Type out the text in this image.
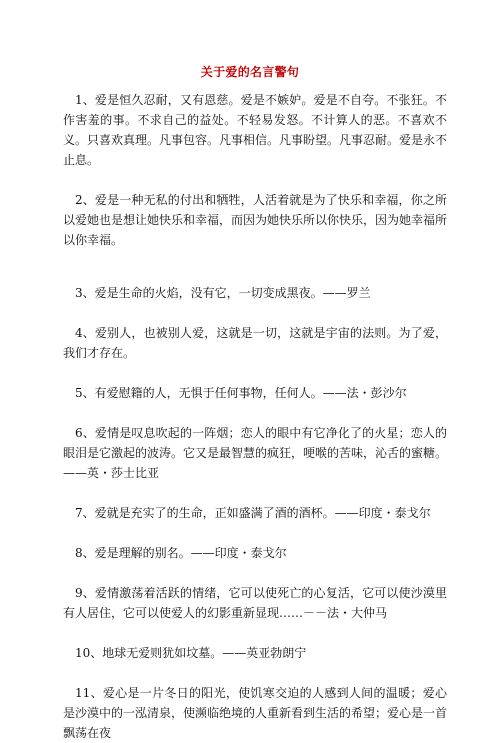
关于爱的名言警句

1、爱是恒久忍耐，又有恩慈。爱是不嫉妒。爱是不自夸。不张狂。不作害羞的事。不求自己的益处。不轻易发怒。不计算人的恶。不喜欢不义。只喜欢真理。凡事包容。凡事相信。凡事盼望。凡事忍耐。爱是永不止息。

2、爱是一种无私的付出和牺牲，人活着就是为了快乐和幸福，你之所以爱她也是想让她快乐和幸福，而因为她快乐所以你快乐，因为她幸福所以你幸福。

3、爱是生命的火焰，没有它，一切变成黑夜。——罗兰

4、爱别人，也被别人爱，这就是一切，这就是宇宙的法则。为了爱，我们才存在。

5、有爱慰籍的人，无惧于任何事物，任何人。——法・彭沙尔

6、爱情是叹息吹起的一阵烟；恋人的眼中有它净化了的火星；恋人的眼泪是它激起的波涛。它又是最智慧的疯狂，哽喉的苦味，沁舌的蜜糖。——英・莎士比亚

7、爱就是充实了的生命，正如盛满了酒的酒杯。——印度・泰戈尔

8、爱是理解的别名。——印度・泰戈尔

9、爱情激荡着活跃的情绪，它可以使死亡的心复活，它可以使沙漠里有人居住，它可以使爱人的幻影重新显现……－－法・大仲马

10、地球无爱则犹如坟墓。——英亚勃朗宁

11、爱心是一片冬日的阳光，使饥寒交迫的人感到人间的温暖；爱心是沙漠中的一泓清泉，使濒临绝境的人重新看到生活的希望；爱心是一首飘荡在夜
